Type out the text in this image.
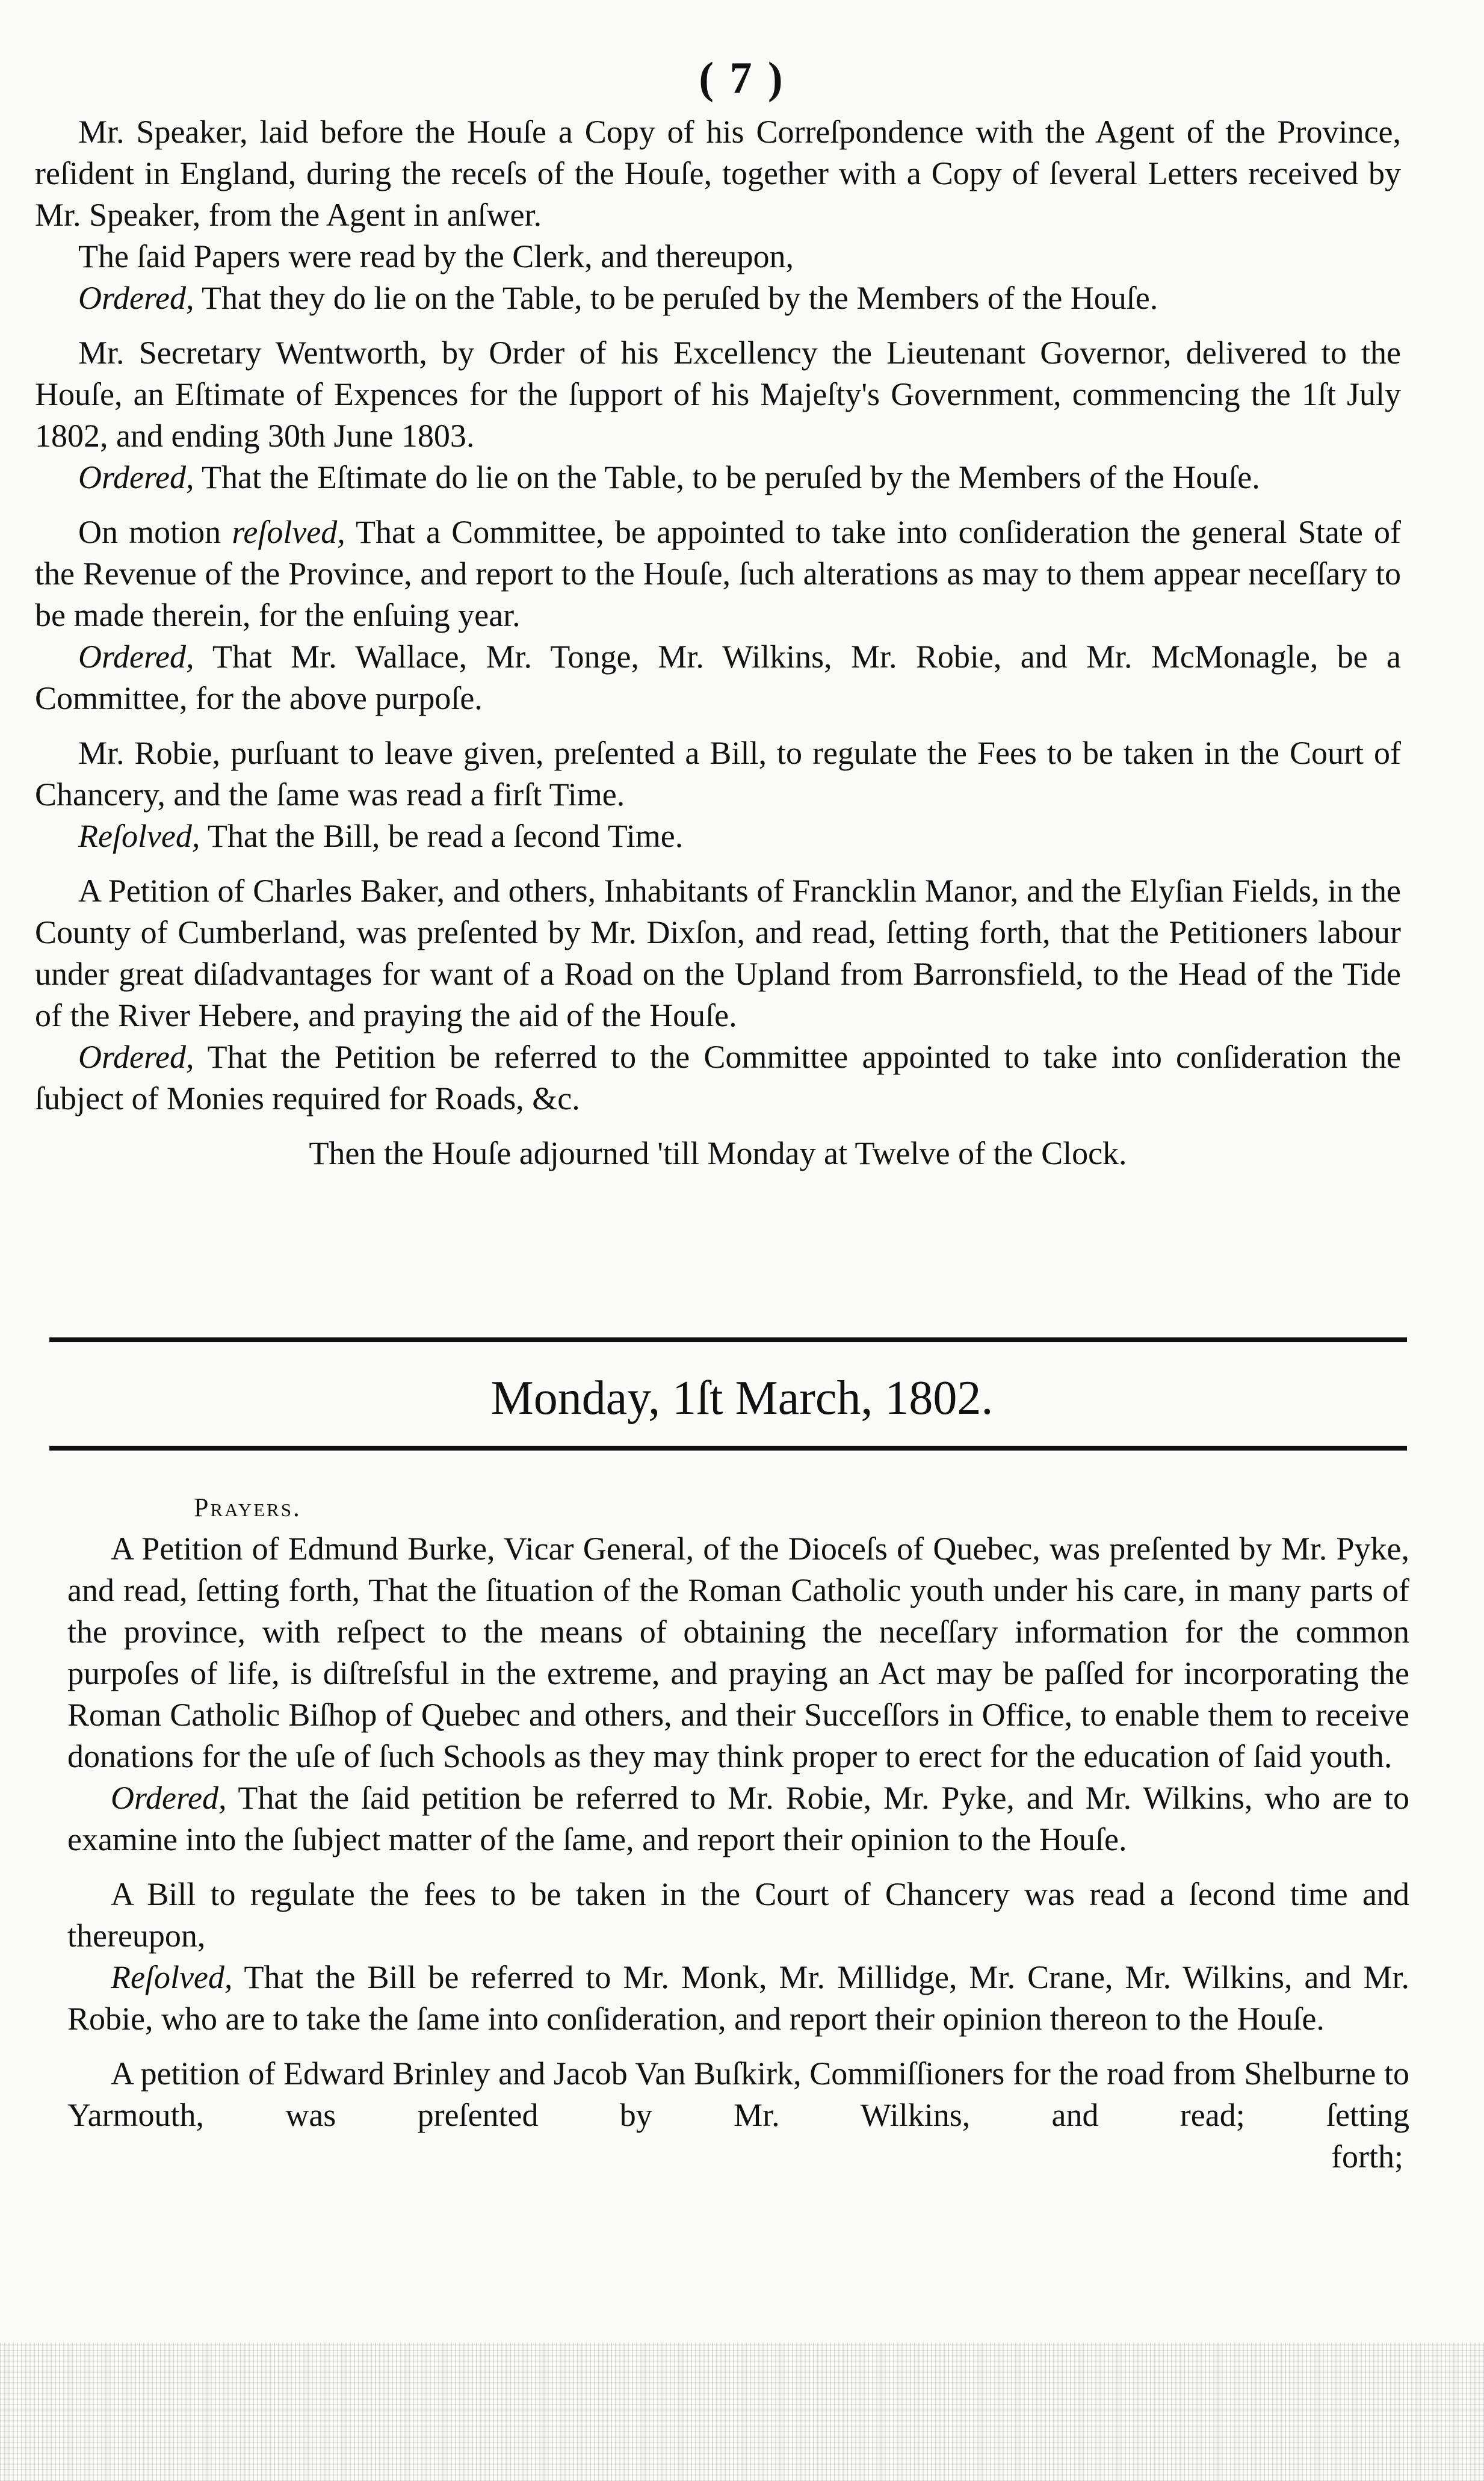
( 7 )

Mr. Speaker, laid before the Houſe a Copy of his Correſpondence with the Agent of the Province, reſident in England, during the receſs of the Houſe, together with a Copy of ſeveral Letters received by Mr. Speaker, from the Agent in anſwer.

The ſaid Papers were read by the Clerk, and thereupon,

Ordered, That they do lie on the Table, to be peruſed by the Members of the Houſe.

Mr. Secretary Wentworth, by Order of his Excellency the Lieutenant Governor, delivered to the Houſe, an Eſtimate of Expences for the ſupport of his Majeſty's Government, commencing the 1ſt July 1802, and ending 30th June 1803.

Ordered, That the Eſtimate do lie on the Table, to be peruſed by the Members of the Houſe.

On motion reſolved, That a Committee, be appointed to take into conſideration the general State of the Revenue of the Province, and report to the Houſe, ſuch alterations as may to them appear neceſſary to be made therein, for the enſuing year.

Ordered, That Mr. Wallace, Mr. Tonge, Mr. Wilkins, Mr. Robie, and Mr. McMonagle, be a Committee, for the above purpoſe.

Mr. Robie, purſuant to leave given, preſented a Bill, to regulate the Fees to be taken in the Court of Chancery, and the ſame was read a firſt Time.

Reſolved, That the Bill, be read a ſecond Time.

A Petition of Charles Baker, and others, Inhabitants of Francklin Manor, and the Elyſian Fields, in the County of Cumberland, was preſented by Mr. Dixſon, and read, ſetting forth, that the Petitioners labour under great diſadvantages for want of a Road on the Upland from Barronsfield, to the Head of the Tide of the River Hebere, and praying the aid of the Houſe.

Ordered, That the Petition be referred to the Committee appointed to take into conſideration the ſubject of Monies required for Roads, &c.

Then the Houſe adjourned 'till Monday at Twelve of the Clock.

Monday, 1ſt March, 1802.

Prayers.

A Petition of Edmund Burke, Vicar General, of the Dioceſs of Quebec, was preſented by Mr. Pyke, and read, ſetting forth, That the ſituation of the Roman Catholic youth under his care, in many parts of the province, with reſpect to the means of obtaining the neceſſary information for the common purpoſes of life, is diſtreſsful in the extreme, and praying an Act may be paſſed for incorporating the Roman Catholic Biſhop of Quebec and others, and their Succeſſors in Office, to enable them to receive donations for the uſe of ſuch Schools as they may think proper to erect for the education of ſaid youth.

Ordered, That the ſaid petition be referred to Mr. Robie, Mr. Pyke, and Mr. Wilkins, who are to examine into the ſubject matter of the ſame, and report their opinion to the Houſe.

A Bill to regulate the fees to be taken in the Court of Chancery was read a ſecond time and thereupon,

Reſolved, That the Bill be referred to Mr. Monk, Mr. Millidge, Mr. Crane, Mr. Wilkins, and Mr. Robie, who are to take the ſame into conſideration, and report their opinion thereon to the Houſe.

A petition of Edward Brinley and Jacob Van Buſkirk, Commiſſioners for the road from Shelburne to Yarmouth, was preſented by Mr. Wilkins, and read; ſetting

forth;
